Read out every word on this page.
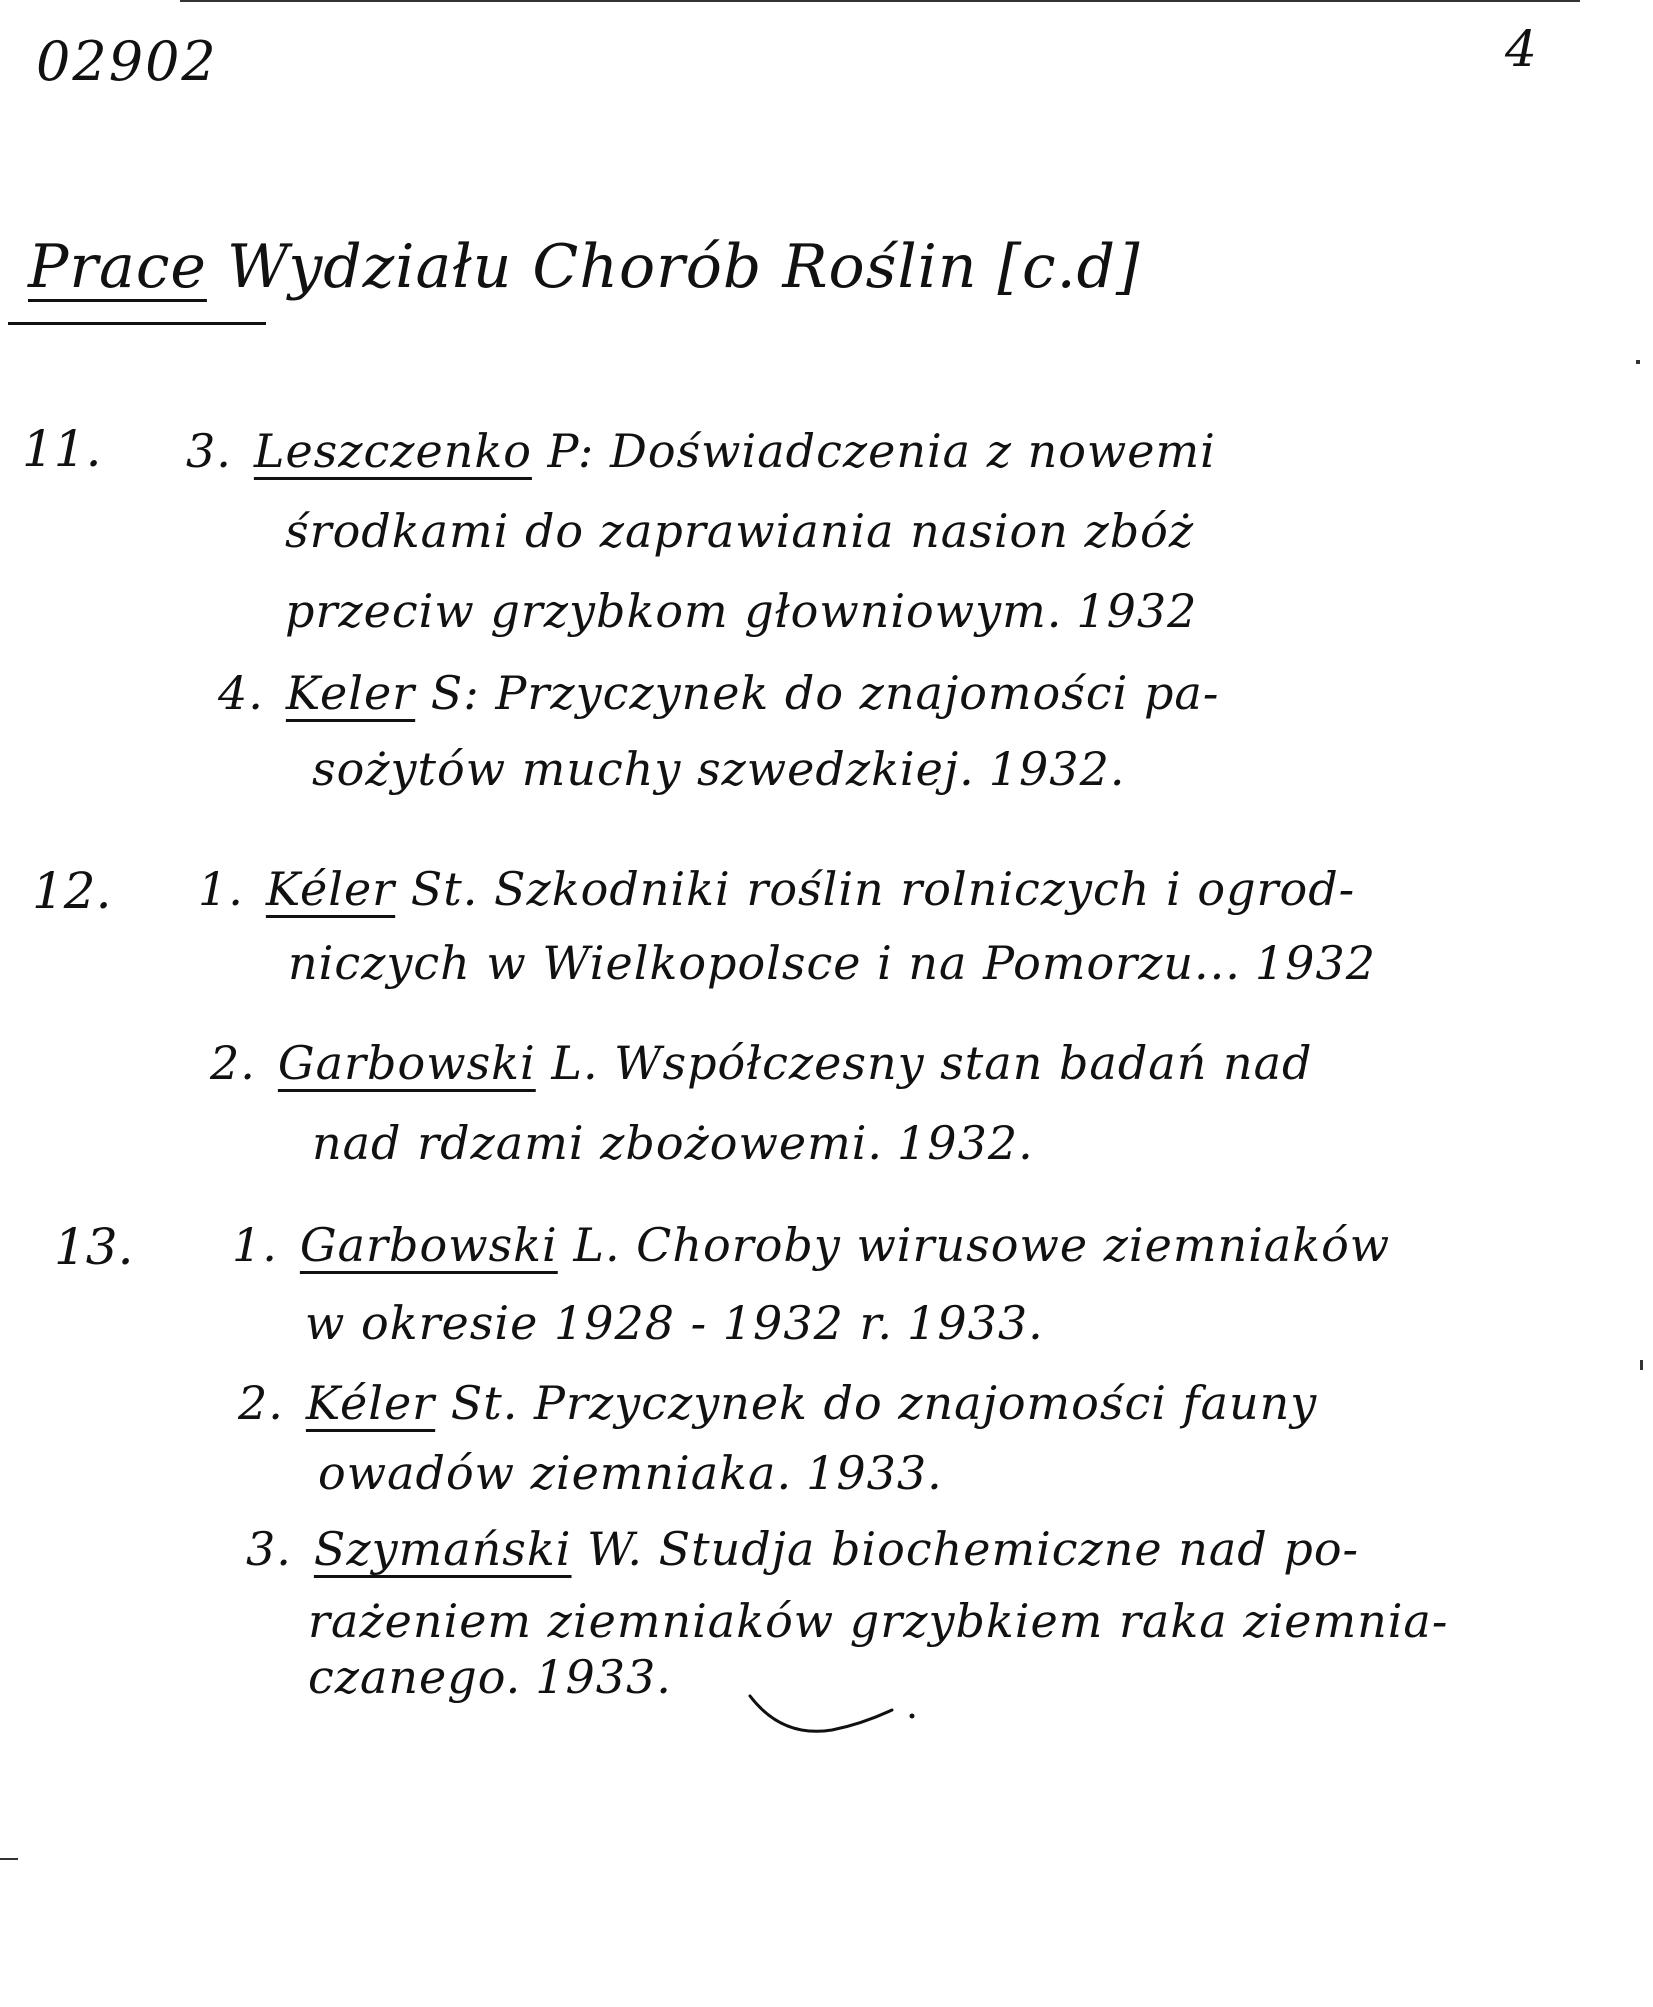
02902	4
Prace Wydziału Chorób Roślin [c.d]
11. 3. Leszczenko P: Doświadczenia z nowemi
środkami do zaprawiania nasion zbóż
przeciw grzybkom głowniowym. 1932
4. Keler S: Przyczynek do znajomości pa-
sożytów muchy szwedzkiej. 1932.
12. 1. Kéler St. Szkodniki roślin rolniczych i ogrod-
niczych w Wielkopolsce i na Pomorzu... 1932
2. Garbowski L. Współczesny stan badań nad
nad rdzami zbożowemi. 1932.
13. 1. Garbowski L. Choroby wirusowe ziemniaków
w okresie 1928 - 1932 r. 1933.
2. Kéler St. Przyczynek do znajomości fauny
owadów ziemniaka. 1933.
3. Szymański W. Studja biochemiczne nad po-
rażeniem ziemniaków grzybkiem raka ziemnia-
czanego. 1933.
